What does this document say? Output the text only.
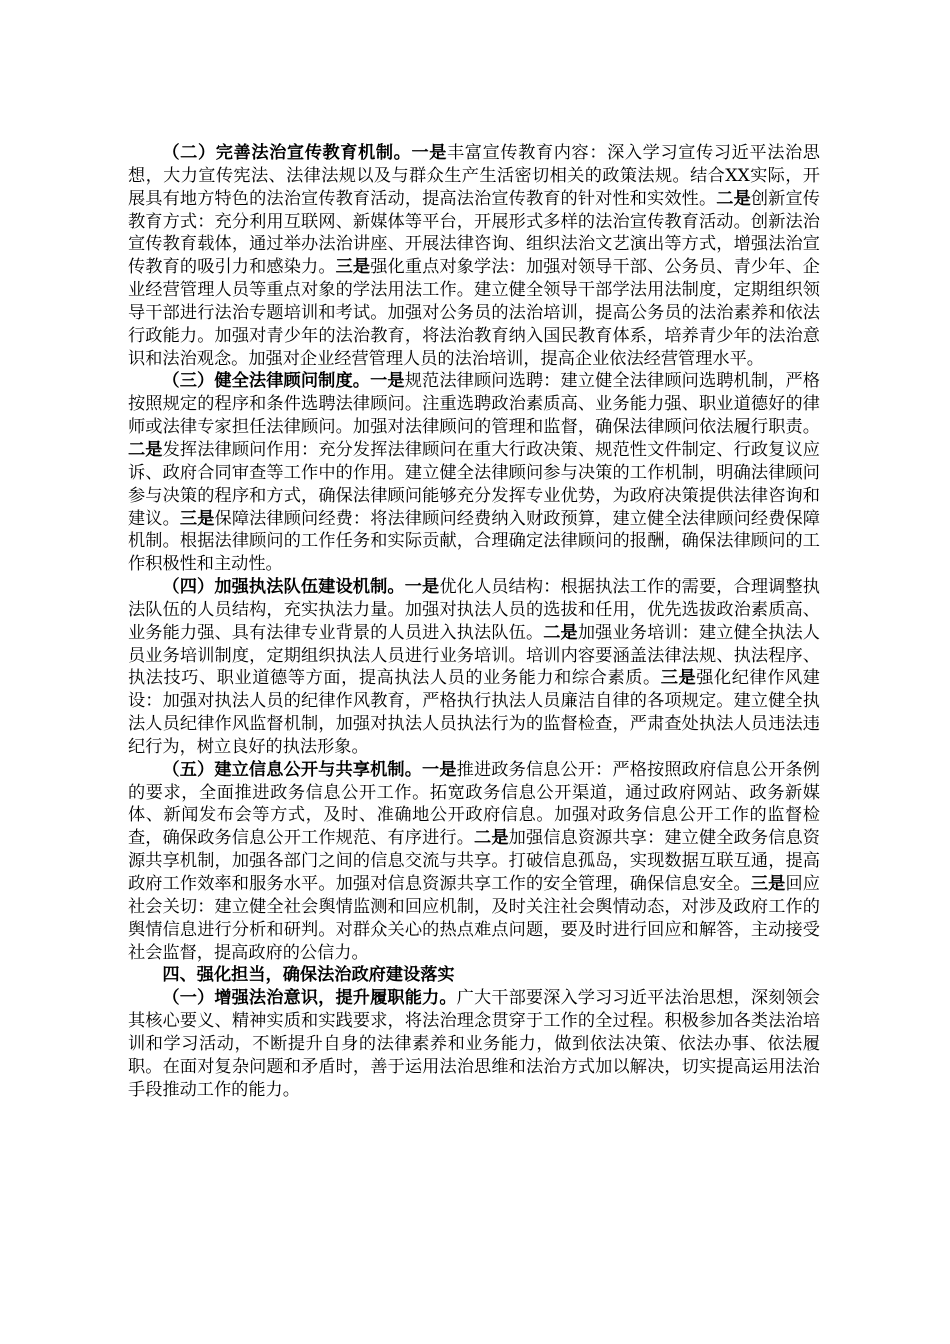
（二）完善法治宣传教育机制。一是丰富宣传教育内容：深入学习宣传习近平法治思想，大力宣传宪法、法律法规以及与群众生产生活密切相关的政策法规。结合XX实际，开展具有地方特色的法治宣传教育活动，提高法治宣传教育的针对性和实效性。二是创新宣传教育方式：充分利用互联网、新媒体等平台，开展形式多样的法治宣传教育活动。创新法治宣传教育载体，通过举办法治讲座、开展法律咨询、组织法治文艺演出等方式，增强法治宣传教育的吸引力和感染力。三是强化重点对象学法：加强对领导干部、公务员、青少年、企业经营管理人员等重点对象的学法用法工作。建立健全领导干部学法用法制度，定期组织领导干部进行法治专题培训和考试。加强对公务员的法治培训，提高公务员的法治素养和依法行政能力。加强对青少年的法治教育，将法治教育纳入国民教育体系，培养青少年的法治意识和法治观念。加强对企业经营管理人员的法治培训，提高企业依法经营管理水平。

（三）健全法律顾问制度。一是规范法律顾问选聘：建立健全法律顾问选聘机制，严格按照规定的程序和条件选聘法律顾问。注重选聘政治素质高、业务能力强、职业道德好的律师或法律专家担任法律顾问。加强对法律顾问的管理和监督，确保法律顾问依法履行职责。二是发挥法律顾问作用：充分发挥法律顾问在重大行政决策、规范性文件制定、行政复议应诉、政府合同审查等工作中的作用。建立健全法律顾问参与决策的工作机制，明确法律顾问参与决策的程序和方式，确保法律顾问能够充分发挥专业优势，为政府决策提供法律咨询和建议。三是保障法律顾问经费：将法律顾问经费纳入财政预算，建立健全法律顾问经费保障机制。根据法律顾问的工作任务和实际贡献，合理确定法律顾问的报酬，确保法律顾问的工作积极性和主动性。

（四）加强执法队伍建设机制。一是优化人员结构：根据执法工作的需要，合理调整执法队伍的人员结构，充实执法力量。加强对执法人员的选拔和任用，优先选拔政治素质高、业务能力强、具有法律专业背景的人员进入执法队伍。二是加强业务培训：建立健全执法人员业务培训制度，定期组织执法人员进行业务培训。培训内容要涵盖法律法规、执法程序、执法技巧、职业道德等方面，提高执法人员的业务能力和综合素质。三是强化纪律作风建设：加强对执法人员的纪律作风教育，严格执行执法人员廉洁自律的各项规定。建立健全执法人员纪律作风监督机制，加强对执法人员执法行为的监督检查，严肃查处执法人员违法违纪行为，树立良好的执法形象。

（五）建立信息公开与共享机制。一是推进政务信息公开：严格按照政府信息公开条例的要求，全面推进政务信息公开工作。拓宽政务信息公开渠道，通过政府网站、政务新媒体、新闻发布会等方式，及时、准确地公开政府信息。加强对政务信息公开工作的监督检查，确保政务信息公开工作规范、有序进行。二是加强信息资源共享：建立健全政务信息资源共享机制，加强各部门之间的信息交流与共享。打破信息孤岛，实现数据互联互通，提高政府工作效率和服务水平。加强对信息资源共享工作的安全管理，确保信息安全。三是回应社会关切：建立健全社会舆情监测和回应机制，及时关注社会舆情动态，对涉及政府工作的舆情信息进行分析和研判。对群众关心的热点难点问题，要及时进行回应和解答，主动接受社会监督，提高政府的公信力。

四、强化担当，确保法治政府建设落实

（一）增强法治意识，提升履职能力。广大干部要深入学习习近平法治思想，深刻领会其核心要义、精神实质和实践要求，将法治理念贯穿于工作的全过程。积极参加各类法治培训和学习活动，不断提升自身的法律素养和业务能力，做到依法决策、依法办事、依法履职。在面对复杂问题和矛盾时，善于运用法治思维和法治方式加以解决，切实提高运用法治手段推动工作的能力。
